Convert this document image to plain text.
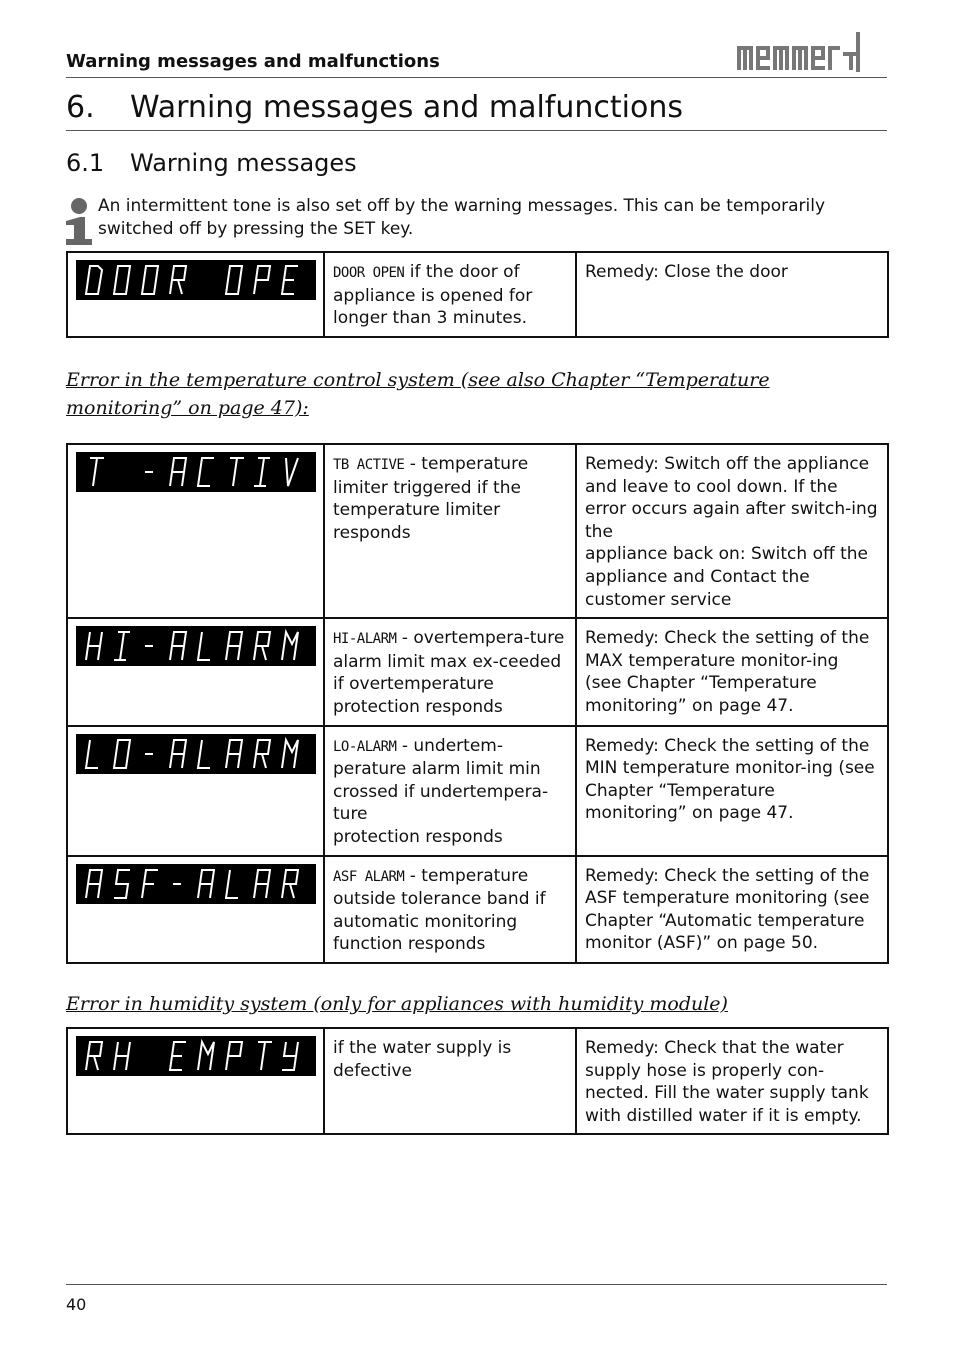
Warning messages and malfunctions
6. Warning messages and malfunctions
6.1 Warning messages
An intermittent tone is also set off by the warning messages. This can be temporarily switched off by pressing the SET key.
	DOOR OPEN if the door of appliance is opened for longer than 3 minutes.	Remedy: Close the door
Error in the temperature control system (see also Chapter “Temperature monitoring” on page 47):
	TB ACTIVE - temperature limiter triggered if the temperature limiter responds	Remedy: Switch off the appliance and leave to cool down. If the error occurs again after switch-ing the
appliance back on: Switch off the appliance and Contact the customer service

	HI-ALARM - overtempera-ture alarm limit max ex-ceeded if overtemperature protection responds	Remedy: Check the setting of the MAX temperature monitor-ing (see Chapter “Temperature monitoring” on page 47.

	LO-ALARM - undertem-perature alarm limit min crossed if undertempera-ture
protection responds	Remedy: Check the setting of the MIN temperature monitor-ing (see Chapter “Temperature monitoring” on page 47.

	ASF ALARM - temperature outside tolerance band if automatic monitoring function responds	Remedy: Check the setting of the ASF temperature monitoring (see Chapter “Automatic temperature monitor (ASF)” on page 50.
Error in humidity system (only for appliances with humidity module)
	if the water supply is defective	Remedy: Check that the water supply hose is properly con-nected. Fill the water supply tank with distilled water if it is empty.
40
